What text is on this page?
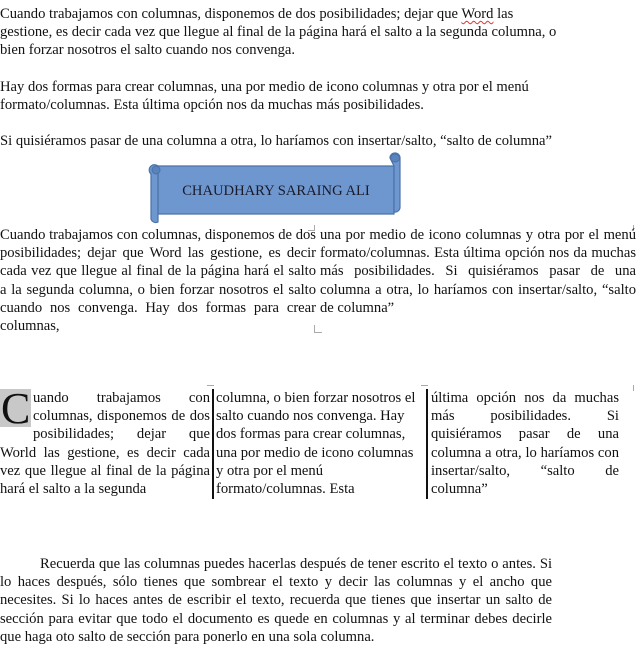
Cuando trabajamos con columnas, disponemos de dos posibilidades; dejar que Word las gestione, es decir cada vez que llegue al final de la página hará el salto a la segunda columna, o bien forzar nosotros el salto cuando nos convenga.

Hay dos formas para crear columnas, una por medio de icono columnas y otra por el menú formato/columnas. Esta última opción nos da muchas más posibilidades.

Si quisiéramos pasar de una columna a otra, lo haríamos con insertar/salto, “salto de columna”

CHAUDHARY SARAING ALI
Cuando trabajamos con columnas, disponemos de dos posibilidades; dejar que Word las gestione, es decir cada vez que llegue al final de la página hará el salto a la segunda columna, o bien forzar nosotros el salto cuando nos convenga. Hay dos formas para crear columnas,
una por medio de icono columnas y otra por el menú formato/columnas. Esta última opción nos da muchas más posibilidades. Si quisiéramos pasar de una columna a otra, lo haríamos con insertar/salto, “salto de columna”
C uando trabajamos con columnas, disponemos de dos posibilidades; dejar que World las gestione, es decir cada vez que llegue al final de la página hará el salto a la segunda
columna, o bien forzar nosotros el salto cuando nos convenga. Hay dos formas para crear columnas, una por medio de icono columnas y otra por el menú formato/columnas. Esta
última opción nos da muchas más posibilidades. Si quisiéramos pasar de una columna a otra, lo haríamos con insertar/salto, “salto de columna”
Recuerda que las columnas puedes hacerlas después de tener escrito el texto o antes. Si lo haces después, sólo tienes que sombrear el texto y decir las columnas y el ancho que necesites. Si lo haces antes de escribir el texto, recuerda que tienes que insertar un salto de sección para evitar que todo el documento es quede en columnas y al terminar debes decirle que haga oto salto de sección para ponerlo en una sola columna.
